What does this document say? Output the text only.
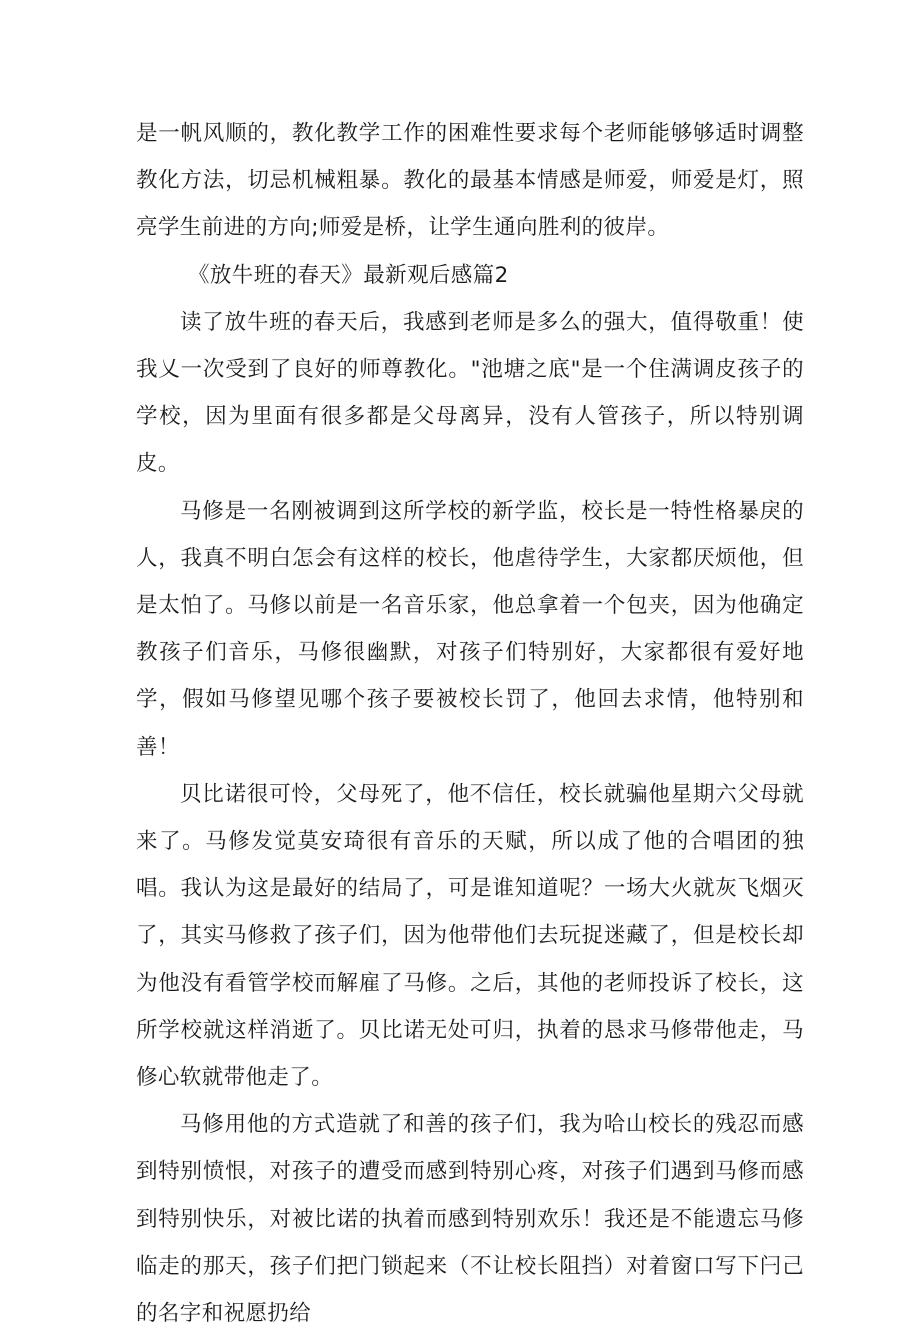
是一帆风顺的，教化教学工作的困难性要求每个老师能够够适时调整教化方法，切忌机械粗暴。教化的最基本情感是师爱，师爱是灯，照亮学生前进的方向;师爱是桥，让学生通向胜利的彼岸。

《放牛班的春天》最新观后感篇2

读了放牛班的春天后，我感到老师是多么的强大，值得敬重！使我乂一次受到了良好的师尊教化。"池塘之底"是一个住满调皮孩子的学校，因为里面有很多都是父母离异，没有人管孩子，所以特别调皮。

马修是一名刚被调到这所学校的新学监，校长是一特性格暴戾的人，我真不明白怎会有这样的校长，他虐待学生，大家都厌烦他，但是太怕了。马修以前是一名音乐家，他总拿着一个包夹，因为他确定教孩子们音乐，马修很幽默，对孩子们特别好，大家都很有爱好地学，假如马修望见哪个孩子要被校长罚了，他回去求情，他特别和善！

贝比诺很可怜，父母死了，他不信任，校长就骗他星期六父母就来了。马修发觉莫安琦很有音乐的天赋，所以成了他的合唱团的独唱。我认为这是最好的结局了，可是谁知道呢？一场大火就灰飞烟灭了，其实马修救了孩子们，因为他带他们去玩捉迷藏了，但是校长却为他没有看管学校而解雇了马修。之后，其他的老师投诉了校长，这所学校就这样消逝了。贝比诺无处可归，执着的恳求马修带他走，马修心软就带他走了。

马修用他的方式造就了和善的孩子们，我为哈山校长的残忍而感到特别愤恨，对孩子的遭受而感到特别心疼，对孩子们遇到马修而感到特别快乐，对被比诺的执着而感到特别欢乐！我还是不能遗忘马修临走的那天，孩子们把门锁起来（不让校长阻挡）对着窗口写下闩己的名字和祝愿扔给
